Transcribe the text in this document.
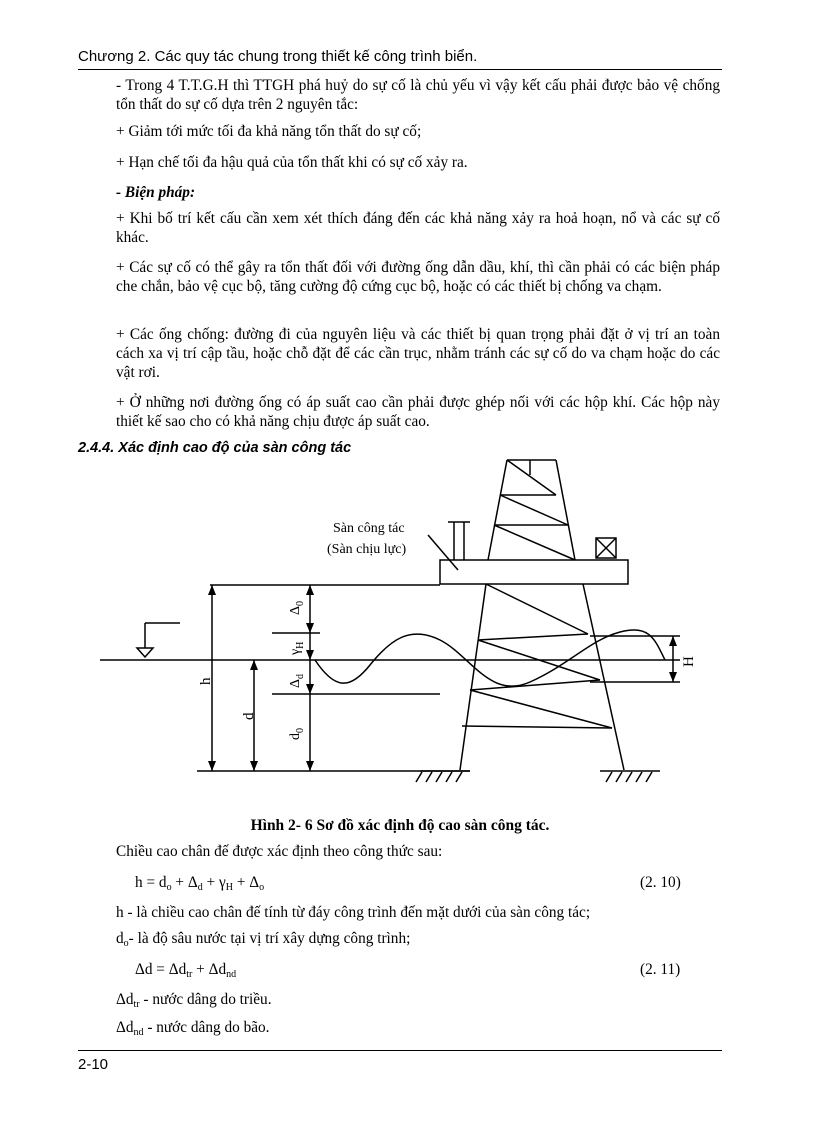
Chương 2. Các quy tác chung trong thiết kế công trình biển.

- Trong 4 T.T.G.H thì TTGH phá huỷ do sự cố là chủ yếu vì vậy kết cấu phải được bảo vệ chống tổn thất do sự cố dựa trên 2 nguyên tắc:

+ Giảm tới mức tối đa khả năng tổn thất do sự cố;

+ Hạn chế tối đa hậu quả của tổn thất khi có sự cố xảy ra.

- Biện pháp:

+ Khi bố trí kết cấu cần xem xét thích đáng đến các khả năng xảy ra hoả hoạn, nổ và các sự cố khác.

+ Các sự cố có thể gây ra tổn thất đối với đường ống dẫn dầu, khí, thì cần phải có các biện pháp che chắn, bảo vệ cục bộ, tăng cường độ cứng cục bộ, hoặc có các thiết bị chống va chạm.

+ Các ống chống: đường đi của nguyên liệu và các thiết bị quan trọng phải đặt ở vị trí an toàn cách xa vị trí cập tầu, hoặc chỗ đặt để các cần trục, nhằm tránh các sự cố do va chạm hoặc do các vật rơi.

+ Ở những nơi đường ống có áp suất cao cần phải được ghép nối với các hộp khí. Các hộp này thiết kế sao cho có khả năng chịu được áp suất cao.

2.4.4. Xác định cao độ của sàn công tác
Sàn công tác
(Sàn chịu lực)
h
d
$\Delta_0$
$\gamma_H$
$\Delta_d$
$d_0$
H
Hình 2- 6 Sơ đồ xác định độ cao sàn công tác.
Chiều cao chân đế được xác định theo công thức sau:
$h = d_o + \Delta_d + \gamma_H + \Delta_o$	(2. 10)
h - là chiều cao chân đế tính từ đáy công trình đến mặt dưới của sàn công tác;
$d_o-$ là độ sâu nước tại vị trí xây dựng công trình;
$\Delta d = \Delta d_{tr} + \Delta d_{nd}$	(2. 11)
$\Delta d_{tr}$ - nước dâng do triều.
$\Delta d_{nd}$ - nước dâng do bão.
2-10
